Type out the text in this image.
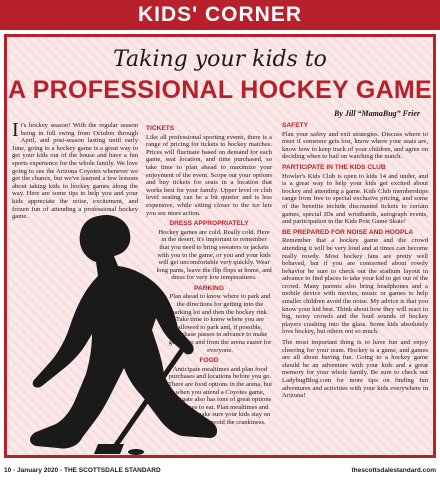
KIDS' CORNER
Taking your kids to
A PROFESSIONAL HOCKEY GAME
By Jill “MamaBug” Frier

It's hockey season! With the regular season being in full swing from October through April, and post-season lasting until early June, going to a hockey game is a great way to get your kids out of the house and have a fun sports experience for the whole family. We love going to see the Arizona Coyotes whenever we get the chance, but we've learned a few lessons about taking kids to hockey games along the way. Here are some tips to help you and your kids appreciate the noise, excitement, and frozen fun of attending a professional hockey game.

TICKETS

Like all professional sporting events, there is a range of pricing for tickets to hockey matches. Prices will fluctuate based on demand for each game, seat location, and time purchased, so take time to plan ahead to maximize your enjoyment of the event. Scope out your options and buy tickets for seats in a location that works best for your family. Upper level or club level seating can be a bit quieter and is less expensive, while sitting closer to the ice lets you see more action.

DRESS APPROPRIATELY

Hockey games are cold. Really cold. Here in the desert, it's important to remember that you need to bring sweaters or jackets with you to the game, or you and your kids will get uncomfortable very quickly. Wear long pants, leave the flip flops at home, and dress for very low temperatures.

PARKING

Plan ahead to know where to park and the directions for getting into the parking lot and then the hockey rink. Take time to know where you are allowed to park and, if possible, purchase passes in advance to make getting to and from the arena easier for everyone.

FOOD

Anticipate mealtimes and plan food purchases and locations before you go. There are food options in the arena, but when you attend a Coyotes game, Westgate also has tons of great options for places to eat. Plan mealtimes and venues to make sure your kids stay on schedule and avoid the crankiness.

SAFETY

Plan your safety and exit strategies. Discuss where to meet if someone gets lost, know where your seats are, know how to keep track of your children, and agree on deciding when to bail on watching the match.

PARTICIPATE IN THE KIDS CLUB

Howler's Kids Club is open to kids 14 and under, and is a great way to help your kids get excited about hockey and attending a game. Kids Club memberships range from free to special exclusive pricing, and some of the benefits include discounted tickets to certain games, special IDs and wristbands, autograph events, and participation in the Kids Post Game Skate!

BE PREPARED FOR NOISE AND HOOPLA

Remember that a hockey game and the crowd attending it will be very loud and at times can become really rowdy. Most hockey fans are pretty well behaved, but if you are concerned about rowdy behavior be sure to check out the stadium layout in advance to find places to take your kid to get out of the crowd. Many parents also bring headphones and a mobile device with movies, music or games to help smaller children avoid the noise. My advice is that you know your kid best. Think about how they will react to big, noisy crowds and the loud sounds of hockey players crashing into the glass. Some kids absolutely love hockey, but others not so much.

The most important thing is to have fun and enjoy cheering for your team. Hockey is a game, and games are all about having fun. Going to a hockey game should be an adventure with your kids and a great memory for your whole family. Be sure to check out LadybugBlog.com for more tips on finding fun adventures and activities with your kids everywhere in Arizona!

10 - January 2020 - THE SCOTTSDALE STANDARD	thescottsdalestandard.com
